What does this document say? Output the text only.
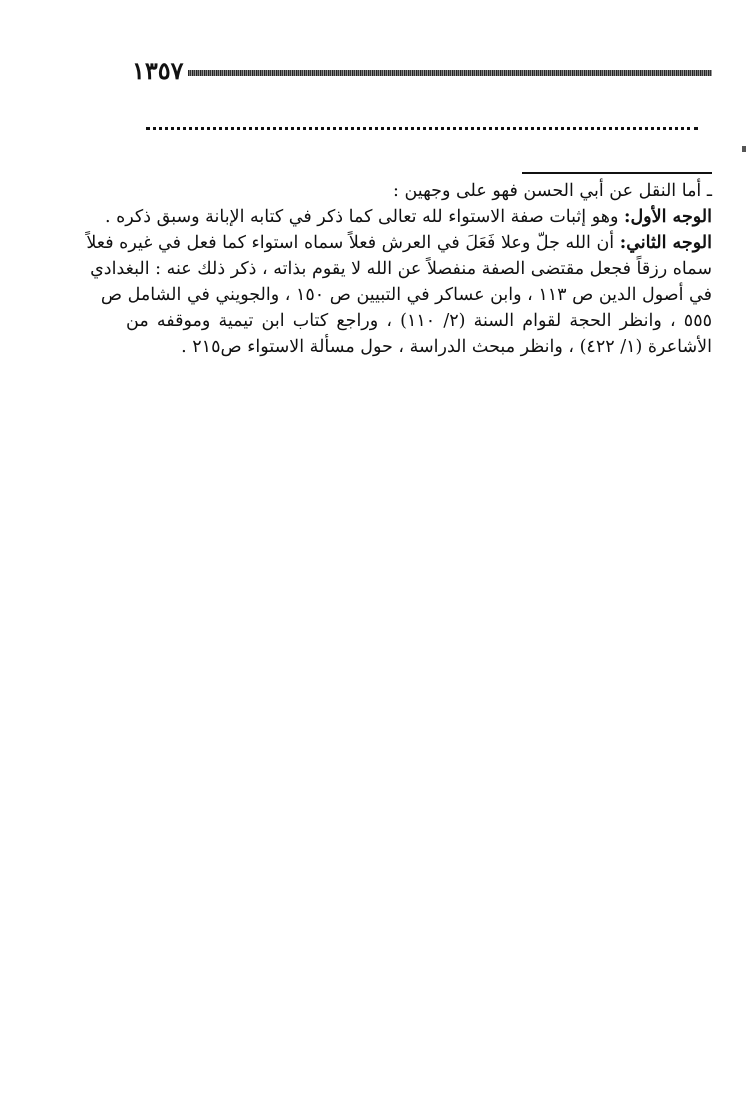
١٣٥٧
ـ أما النقل عن أبي الحسن فهو على وجهين :
الوجه الأول: وهو إثبات صفة الاستواء لله تعالى كما ذكر في كتابه الإبانة وسبق ذكره .
الوجه الثاني: أن الله جلّ وعلا فَعَلَ في العرش فعلاً سماه استواء كما فعل في غيره فعلاً
سماه رزقاً فجعل مقتضى الصفة منفصلاً عن الله لا يقوم بذاته ، ذكر ذلك عنه : البغدادي
في أصول الدين ص ١١٣ ، وابن عساكر في التبيين ص ١٥٠ ، والجويني في الشامل ص
٥٥٥ ، وانظر الحجة لقوام السنة (٢/ ١١٠) ، وراجع كتاب ابن تيمية وموقفه من
الأشاعرة (١/ ٤٢٢) ، وانظر مبحث الدراسة ، حول مسألة الاستواء ص٢١٥ .
